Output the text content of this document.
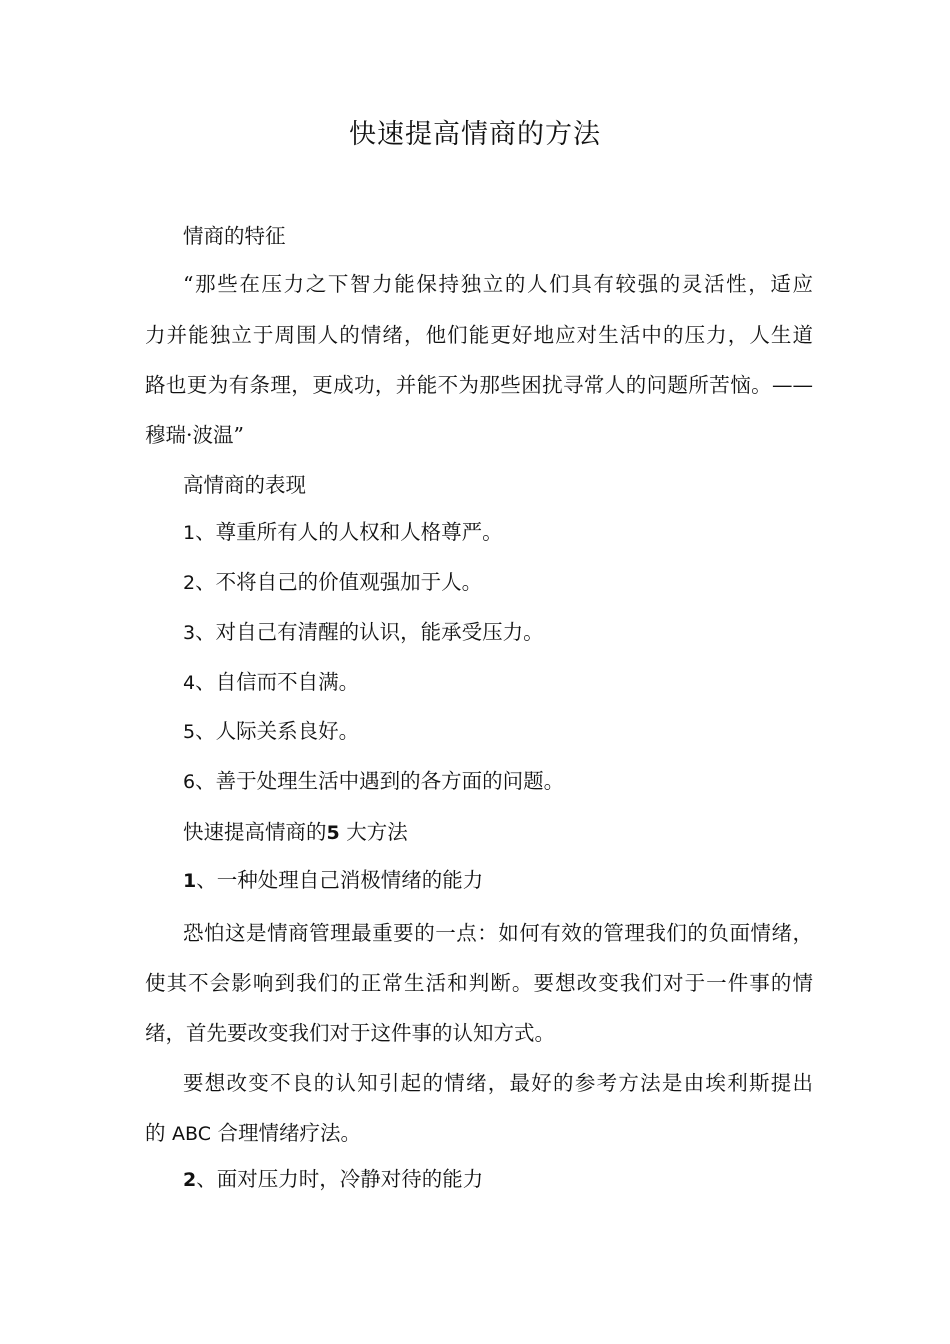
快速提高情商的方法
情商的特征
“那些在压力之下智力能保持独立的人们具有较强的灵活性，适应
力并能独立于周围人的情绪，他们能更好地应对生活中的压力，人生道
路也更为有条理，更成功，并能不为那些困扰寻常人的问题所苦恼。——
穆瑞·波温”
高情商的表现
1、尊重所有人的人权和人格尊严。
2、不将自己的价值观强加于人。
3、对自己有清醒的认识，能承受压力。
4、自信而不自满。
5、人际关系良好。
6、善于处理生活中遇到的各方面的问题。
快速提高情商的5 大方法
1、一种处理自己消极情绪的能力
恐怕这是情商管理最重要的一点：如何有效的管理我们的负面情绪，
使其不会影响到我们的正常生活和判断。要想改变我们对于一件事的情
绪，首先要改变我们对于这件事的认知方式。
要想改变不良的认知引起的情绪，最好的参考方法是由埃利斯提出
的 ABC 合理情绪疗法。
2、面对压力时，冷静对待的能力
